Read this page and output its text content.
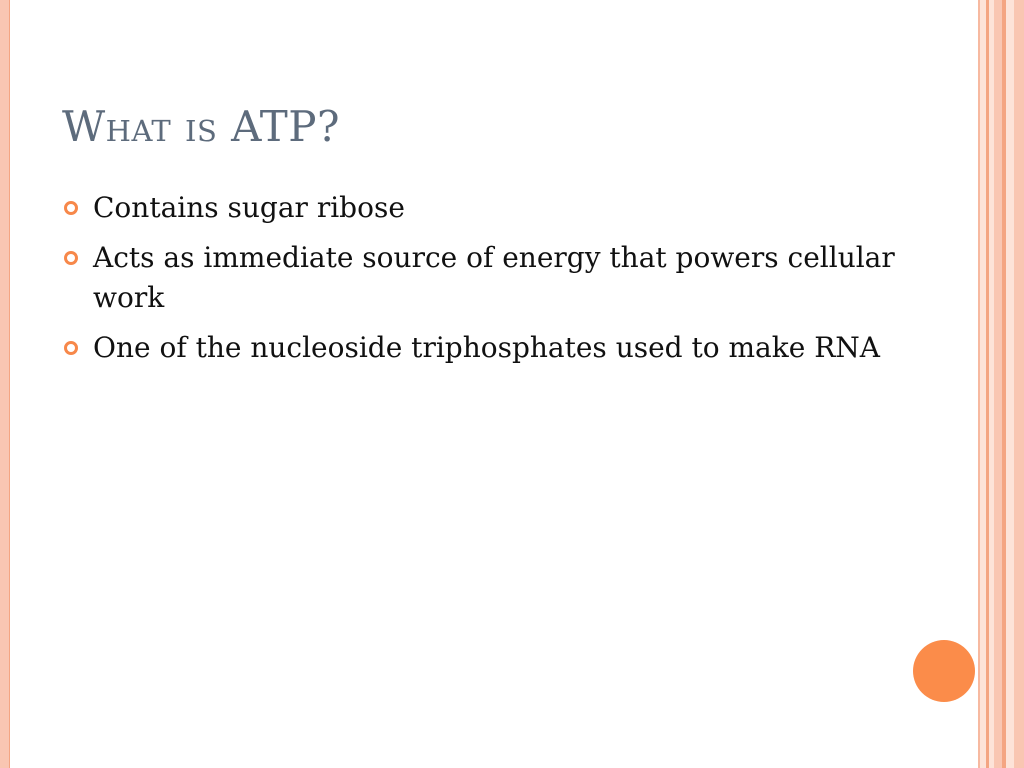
What is ATP?
Contains sugar ribose
Acts as immediate source of energy that powers cellular work
One of the nucleoside triphosphates used to make RNA
